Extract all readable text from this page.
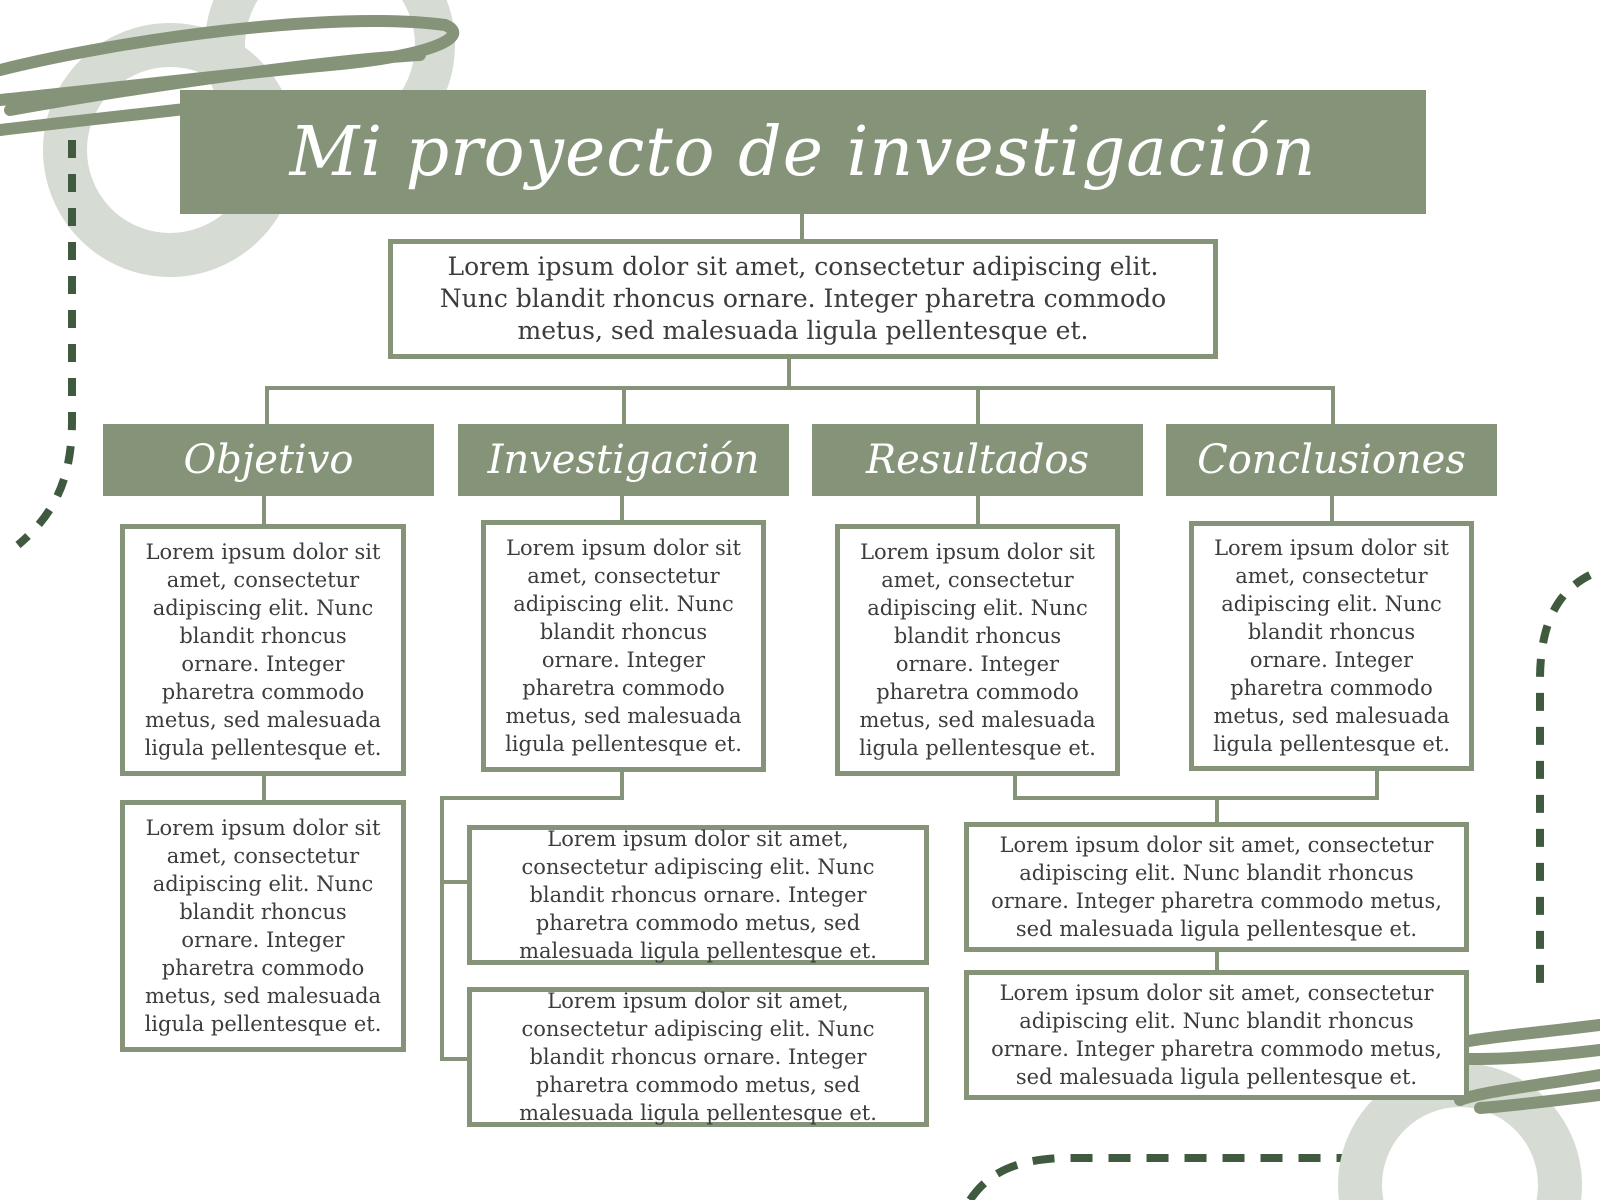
Mi proyecto de investigación
Lorem ipsum dolor sit amet, consectetur adipiscing elit. Nunc blandit rhoncus ornare. Integer pharetra commodo metus, sed malesuada ligula pellentesque et.
Objetivo	Investigación	Resultados	Conclusiones
Lorem ipsum dolor sit amet, consectetur adipiscing elit. Nunc blandit rhoncus ornare. Integer pharetra commodo metus, sed malesuada ligula pellentesque et.
Lorem ipsum dolor sit amet, consectetur adipiscing elit. Nunc blandit rhoncus ornare. Integer pharetra commodo metus, sed malesuada ligula pellentesque et.
Lorem ipsum dolor sit amet, consectetur adipiscing elit. Nunc blandit rhoncus ornare. Integer pharetra commodo metus, sed malesuada ligula pellentesque et.
Lorem ipsum dolor sit amet, consectetur adipiscing elit. Nunc blandit rhoncus ornare. Integer pharetra commodo metus, sed malesuada ligula pellentesque et.
Lorem ipsum dolor sit amet, consectetur adipiscing elit. Nunc blandit rhoncus ornare. Integer pharetra commodo metus, sed malesuada ligula pellentesque et.
Lorem ipsum dolor sit amet, consectetur adipiscing elit. Nunc blandit rhoncus ornare. Integer pharetra commodo metus, sed malesuada ligula pellentesque et.
Lorem ipsum dolor sit amet, consectetur adipiscing elit. Nunc blandit rhoncus ornare. Integer pharetra commodo metus, sed malesuada ligula pellentesque et.
Lorem ipsum dolor sit amet, consectetur adipiscing elit. Nunc blandit rhoncus ornare. Integer pharetra commodo metus, sed malesuada ligula pellentesque et.
Lorem ipsum dolor sit amet, consectetur adipiscing elit. Nunc blandit rhoncus ornare. Integer pharetra commodo metus, sed malesuada ligula pellentesque et.
